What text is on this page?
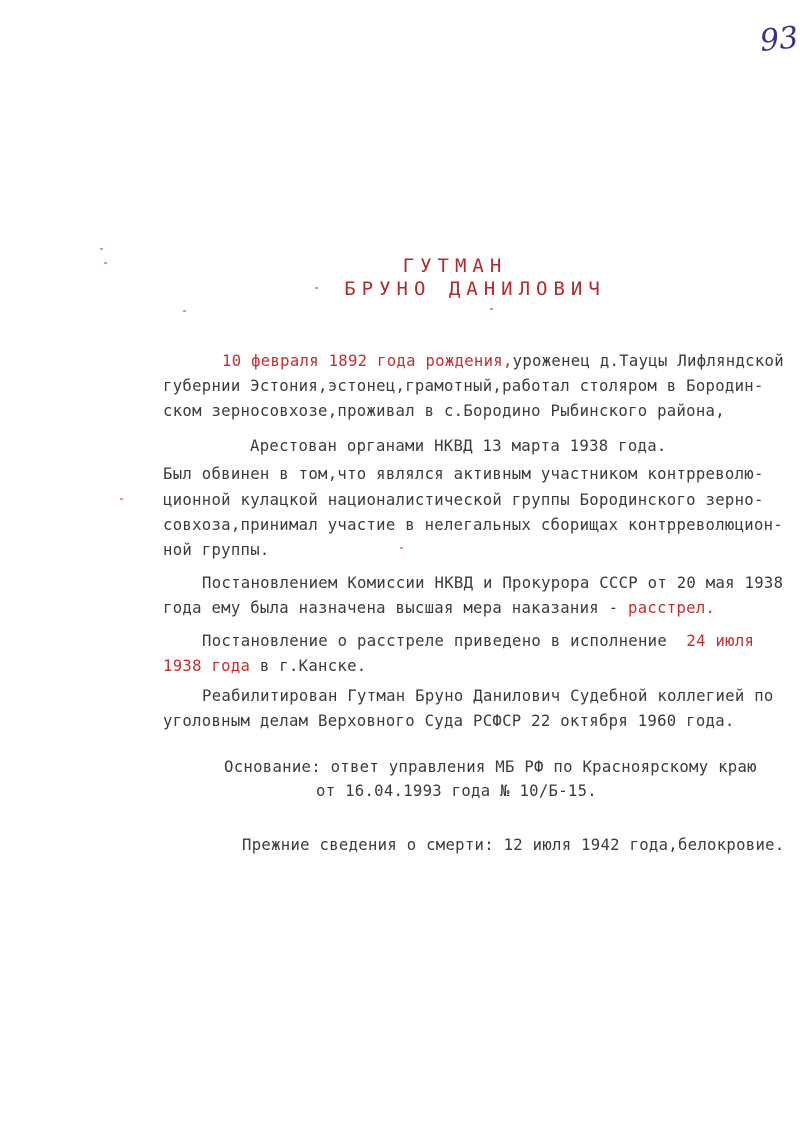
93
ГУТМАН
БРУНО ДАНИЛОВИЧ
10 февраля 1892 года рождения,уроженец д.Тауцы Лифляндской
губернии Эстония,эстонец,грамотный,работал столяром в Бородин-
ском зерносовхозе,проживал в с.Бородино Рыбинского района,
Арестован органами НКВД 13 марта 1938 года.
Был обвинен в том,что являлся активным участником контрреволю-
ционной кулацкой националистической группы Бородинского зерно-
совхоза,принимал участие в нелегальных сборищах контрреволюцион-
ной группы.
Постановлением Комиссии НКВД и Прокурора СССР от 20 мая 1938
года ему была назначена высшая мера наказания - расстрел.
Постановление о расстреле приведено в исполнение  24 июля
1938 года в г.Канске.
Реабилитирован Гутман Бруно Данилович Судебной коллегией по
уголовным делам Верховного Суда РСФСР 22 октября 1960 года.
Основание: ответ управления МБ РФ по Красноярскому краю
от 16.04.1993 года № 10/Б-15.
Прежние сведения о смерти: 12 июля 1942 года,белокровие.
